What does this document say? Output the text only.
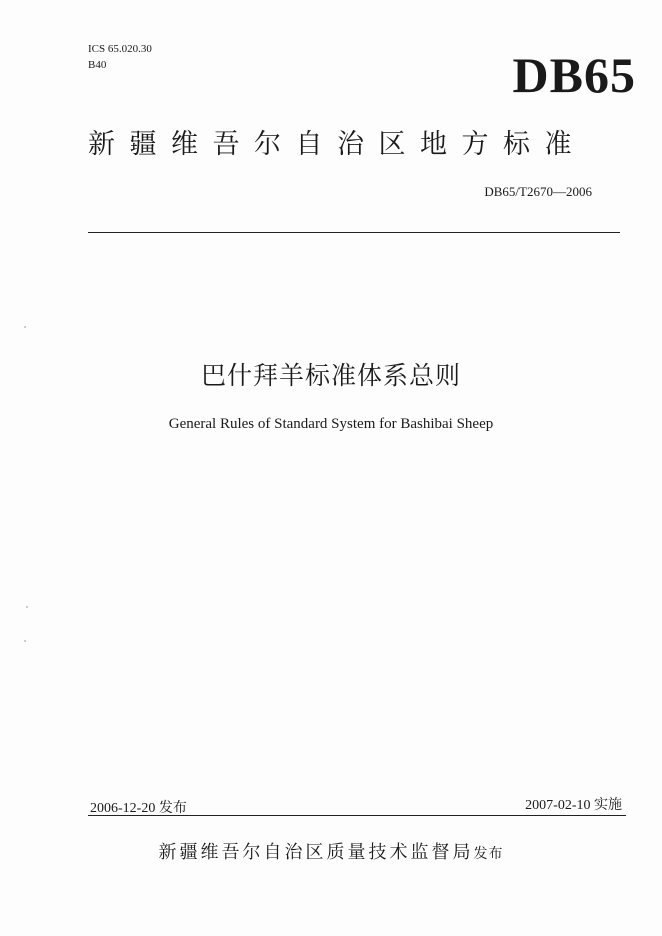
ICS 65.020.30
B40	DB65
新疆维吾尔自治区地方标准
DB65/T2670—2006
巴什拜羊标准体系总则
General Rules of Standard System for Bashibai Sheep
2006-12-20 发布	2007-02-10 实施
新疆维吾尔自治区质量技术监督局发布
